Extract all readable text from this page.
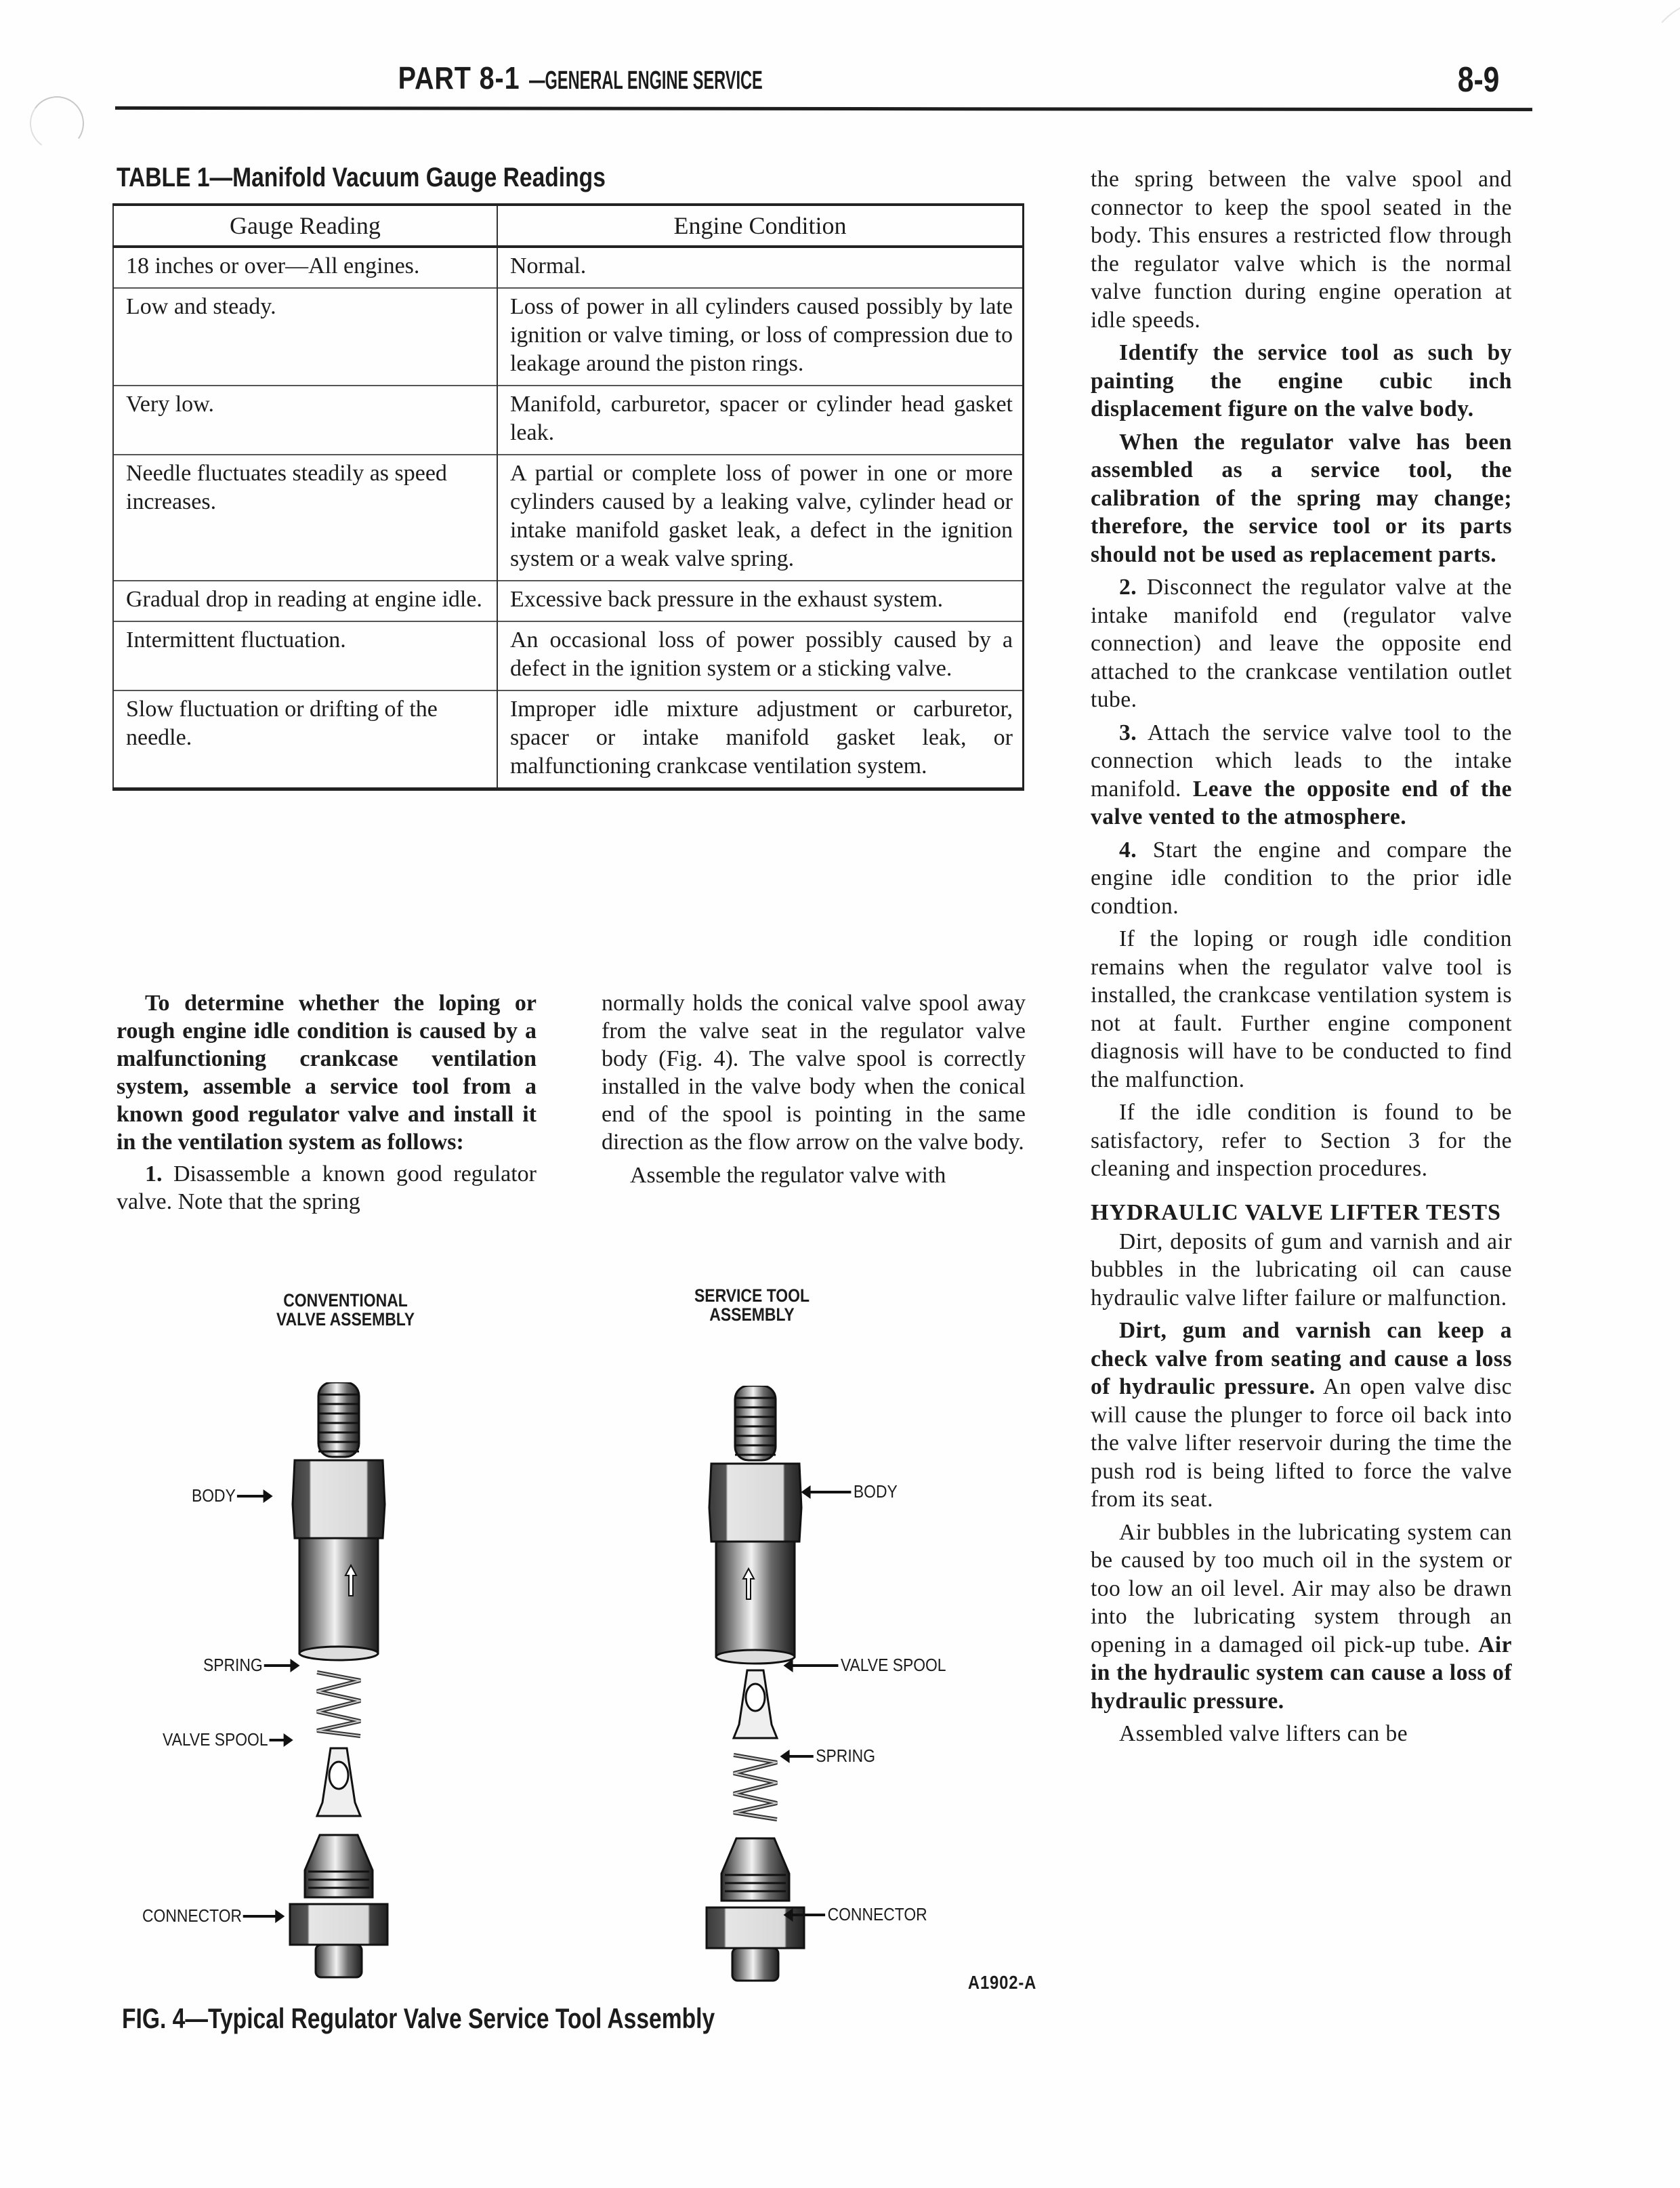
PART 8-1 —GENERAL ENGINE SERVICE	8-9
TABLE 1—Manifold Vacuum Gauge Readings
Gauge Reading	Engine Condition
18 inches or over—All engines.	Normal.
Low and steady.	Loss of power in all cylinders caused possibly by late ignition or valve timing, or loss of compression due to leakage around the piston rings.
Very low.	Manifold, carburetor, spacer or cylinder head gasket leak.
Needle fluctuates steadily as speed increases.	A partial or complete loss of power in one or more cylinders caused by a leaking valve, cylinder head or intake manifold gasket leak, a defect in the ignition system or a weak valve spring.
Gradual drop in reading at engine idle.	Excessive back pressure in the exhaust system.
Intermittent fluctuation.	An occasional loss of power possibly caused by a defect in the ignition system or a sticking valve.
Slow fluctuation or drifting of the needle.	Improper idle mixture adjustment or carburetor, spacer or intake manifold gasket leak, or malfunctioning crankcase ventilation system.

To determine whether the loping or rough engine idle condition is caused by a malfunctioning crankcase ventilation system, assemble a service tool from a known good regulator valve and install it in the ventilation system as follows:

1. Disassemble a known good regulator valve. Note that the spring

normally holds the conical valve spool away from the valve seat in the regulator valve body (Fig. 4). The valve spool is correctly installed in the valve body when the conical end of the spool is pointing in the same direction as the flow arrow on the valve body.

Assemble the regulator valve with

the spring between the valve spool and connector to keep the spool seated in the body. This ensures a restricted flow through the regulator valve which is the normal valve function during engine operation at idle speeds.

Identify the service tool as such by painting the engine cubic inch displacement figure on the valve body.

When the regulator valve has been assembled as a service tool, the calibration of the spring may change; therefore, the service tool or its parts should not be used as replacement parts.

2. Disconnect the regulator valve at the intake manifold end (regulator valve connection) and leave the opposite end attached to the crankcase ventilation outlet tube.

3. Attach the service valve tool to the connection which leads to the intake manifold. Leave the opposite end of the valve vented to the atmosphere.

4. Start the engine and compare the engine idle condition to the prior idle condtion.

If the loping or rough idle condition remains when the regulator valve tool is installed, the crankcase ventilation system is not at fault. Further engine component diagnosis will have to be conducted to find the malfunction.

If the idle condition is found to be satisfactory, refer to Section 3 for the cleaning and inspection procedures.

HYDRAULIC VALVE LIFTER TESTS

Dirt, deposits of gum and varnish and air bubbles in the lubricating oil can cause hydraulic valve lifter failure or malfunction.

Dirt, gum and varnish can keep a check valve from seating and cause a loss of hydraulic pressure. An open valve disc will cause the plunger to force oil back into the valve lifter reservoir during the time the push rod is being lifted to force the valve from its seat.

Air bubbles in the lubricating system can be caused by too much oil in the system or too low an oil level. Air may also be drawn into the lubricating system through an opening in a damaged oil pick-up tube. Air in the hydraulic system can cause a loss of hydraulic pressure.

Assembled valve lifters can be

CONVENTIONAL
VALVE ASSEMBLY
SERVICE TOOL
ASSEMBLY
BODY
SPRING
VALVE SPOOL
CONNECTOR
BODY
VALVE SPOOL
SPRING
CONNECTOR
A1902-A
FIG. 4—Typical Regulator Valve Service Tool Assembly
